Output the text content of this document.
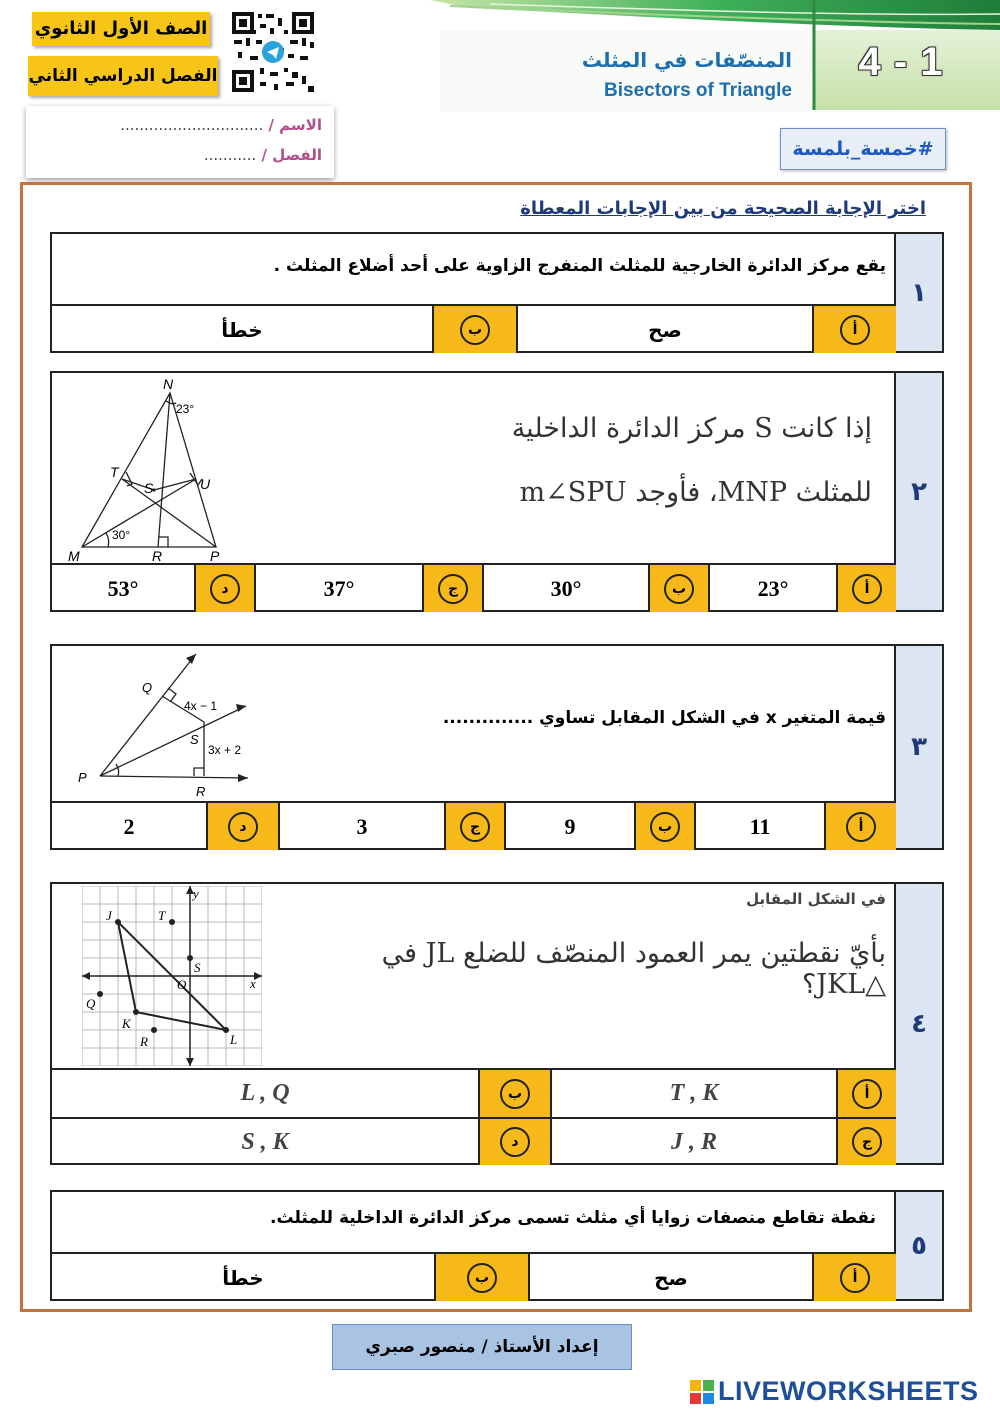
الصف الأول الثانوي
الفصل الدراسي الثاني
الاسم / ..............................
الفصل / ...........
المنصّفات في المثلث
Bisectors of Triangle
4 - 1
#خمسة_بلمسة
اختر الإجابة الصحيحة من بين الإجابات المعطاة
١
يقع مركز الدائرة الخارجية للمثلث المنفرج الزاوية على أحد أضلاع المثلث .
أ
صح
ب
خطأ
٢
إذا كانت S مركز الدائرة الداخلية
للمثلث MNP، فأوجد m∠SPU
N
23°
T
S	U
30°
M	R	P
أ
23°
ب
30°
ج
37°
د
53°
٣
قيمة المتغير x في الشكل المقابل تساوي ..............
Q
4x − 1
S
3x + 2
P
R
أ
11
ب
9
ج
3
د
2
٤
في الشكل المقابل
بأيّ نقطتين يمر العمود المنصّف للضلع JL في △JKL؟
y
x
J	T
S
O
Q
K
R	L
أ
T , K
ب
L , Q
ج
J , R
د
S , K
٥
نقطة تقاطع منصفات زوايا أي مثلث تسمى مركز الدائرة الداخلية للمثلث.
أ
صح
ب
خطأ
إعداد الأستاذ / منصور صبري
LIVEWORKSHEETS
